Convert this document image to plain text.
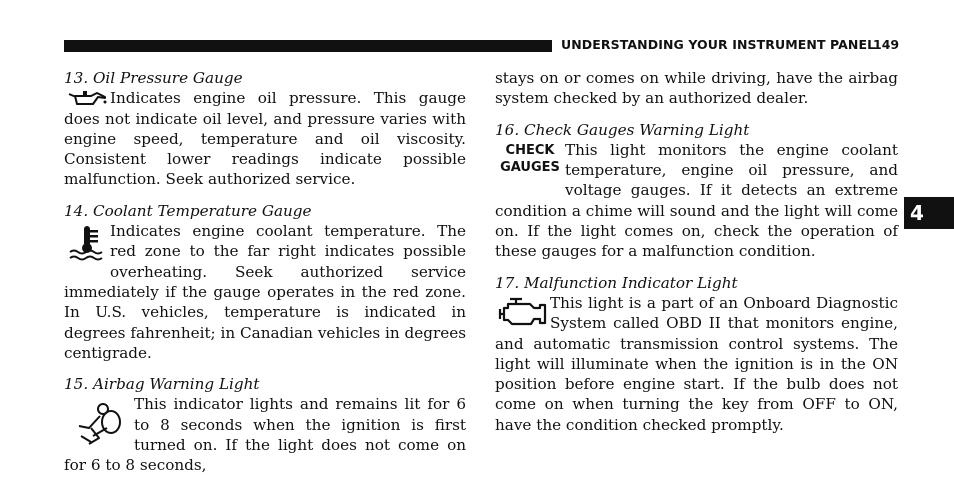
UNDERSTANDING YOUR INSTRUMENT PANEL
149
4

13. Oil Pressure Gauge

Indicates engine oil pressure. This gauge does not indicate oil level, and pressure varies with engine speed, temperature and oil viscosity. Consistent lower readings indicate possible malfunction. Seek authorized service.

14. Coolant Temperature Gauge

Indicates engine coolant temperature. The red zone to the far right indicates possible overheating. Seek authorized service immediately if the gauge operates in the red zone. In U.S. vehicles, temperature is indicated in degrees fahrenheit; in Canadian vehicles in degrees centigrade.

15. Airbag Warning Light

This indicator lights and remains lit for 6 to 8 seconds when the ignition is first turned on. If the light does not come on for 6 to 8 seconds,

stays on or comes on while driving, have the airbag system checked by an authorized dealer.

16. Check Gauges Warning Light

CHECK
GAUGES

This light monitors the engine coolant temperature, engine oil pressure, and voltage gauges. If it detects an extreme condition a chime will sound and the light will come on. If the light comes on, check the operation of these gauges for a malfunction condition.

17. Malfunction Indicator Light

This light is a part of an Onboard Diagnostic System called OBD II that monitors engine, and automatic transmission control systems. The light will illuminate when the ignition is in the ON position before engine start. If the bulb does not come on when turning the key from OFF to ON, have the condition checked promptly.
